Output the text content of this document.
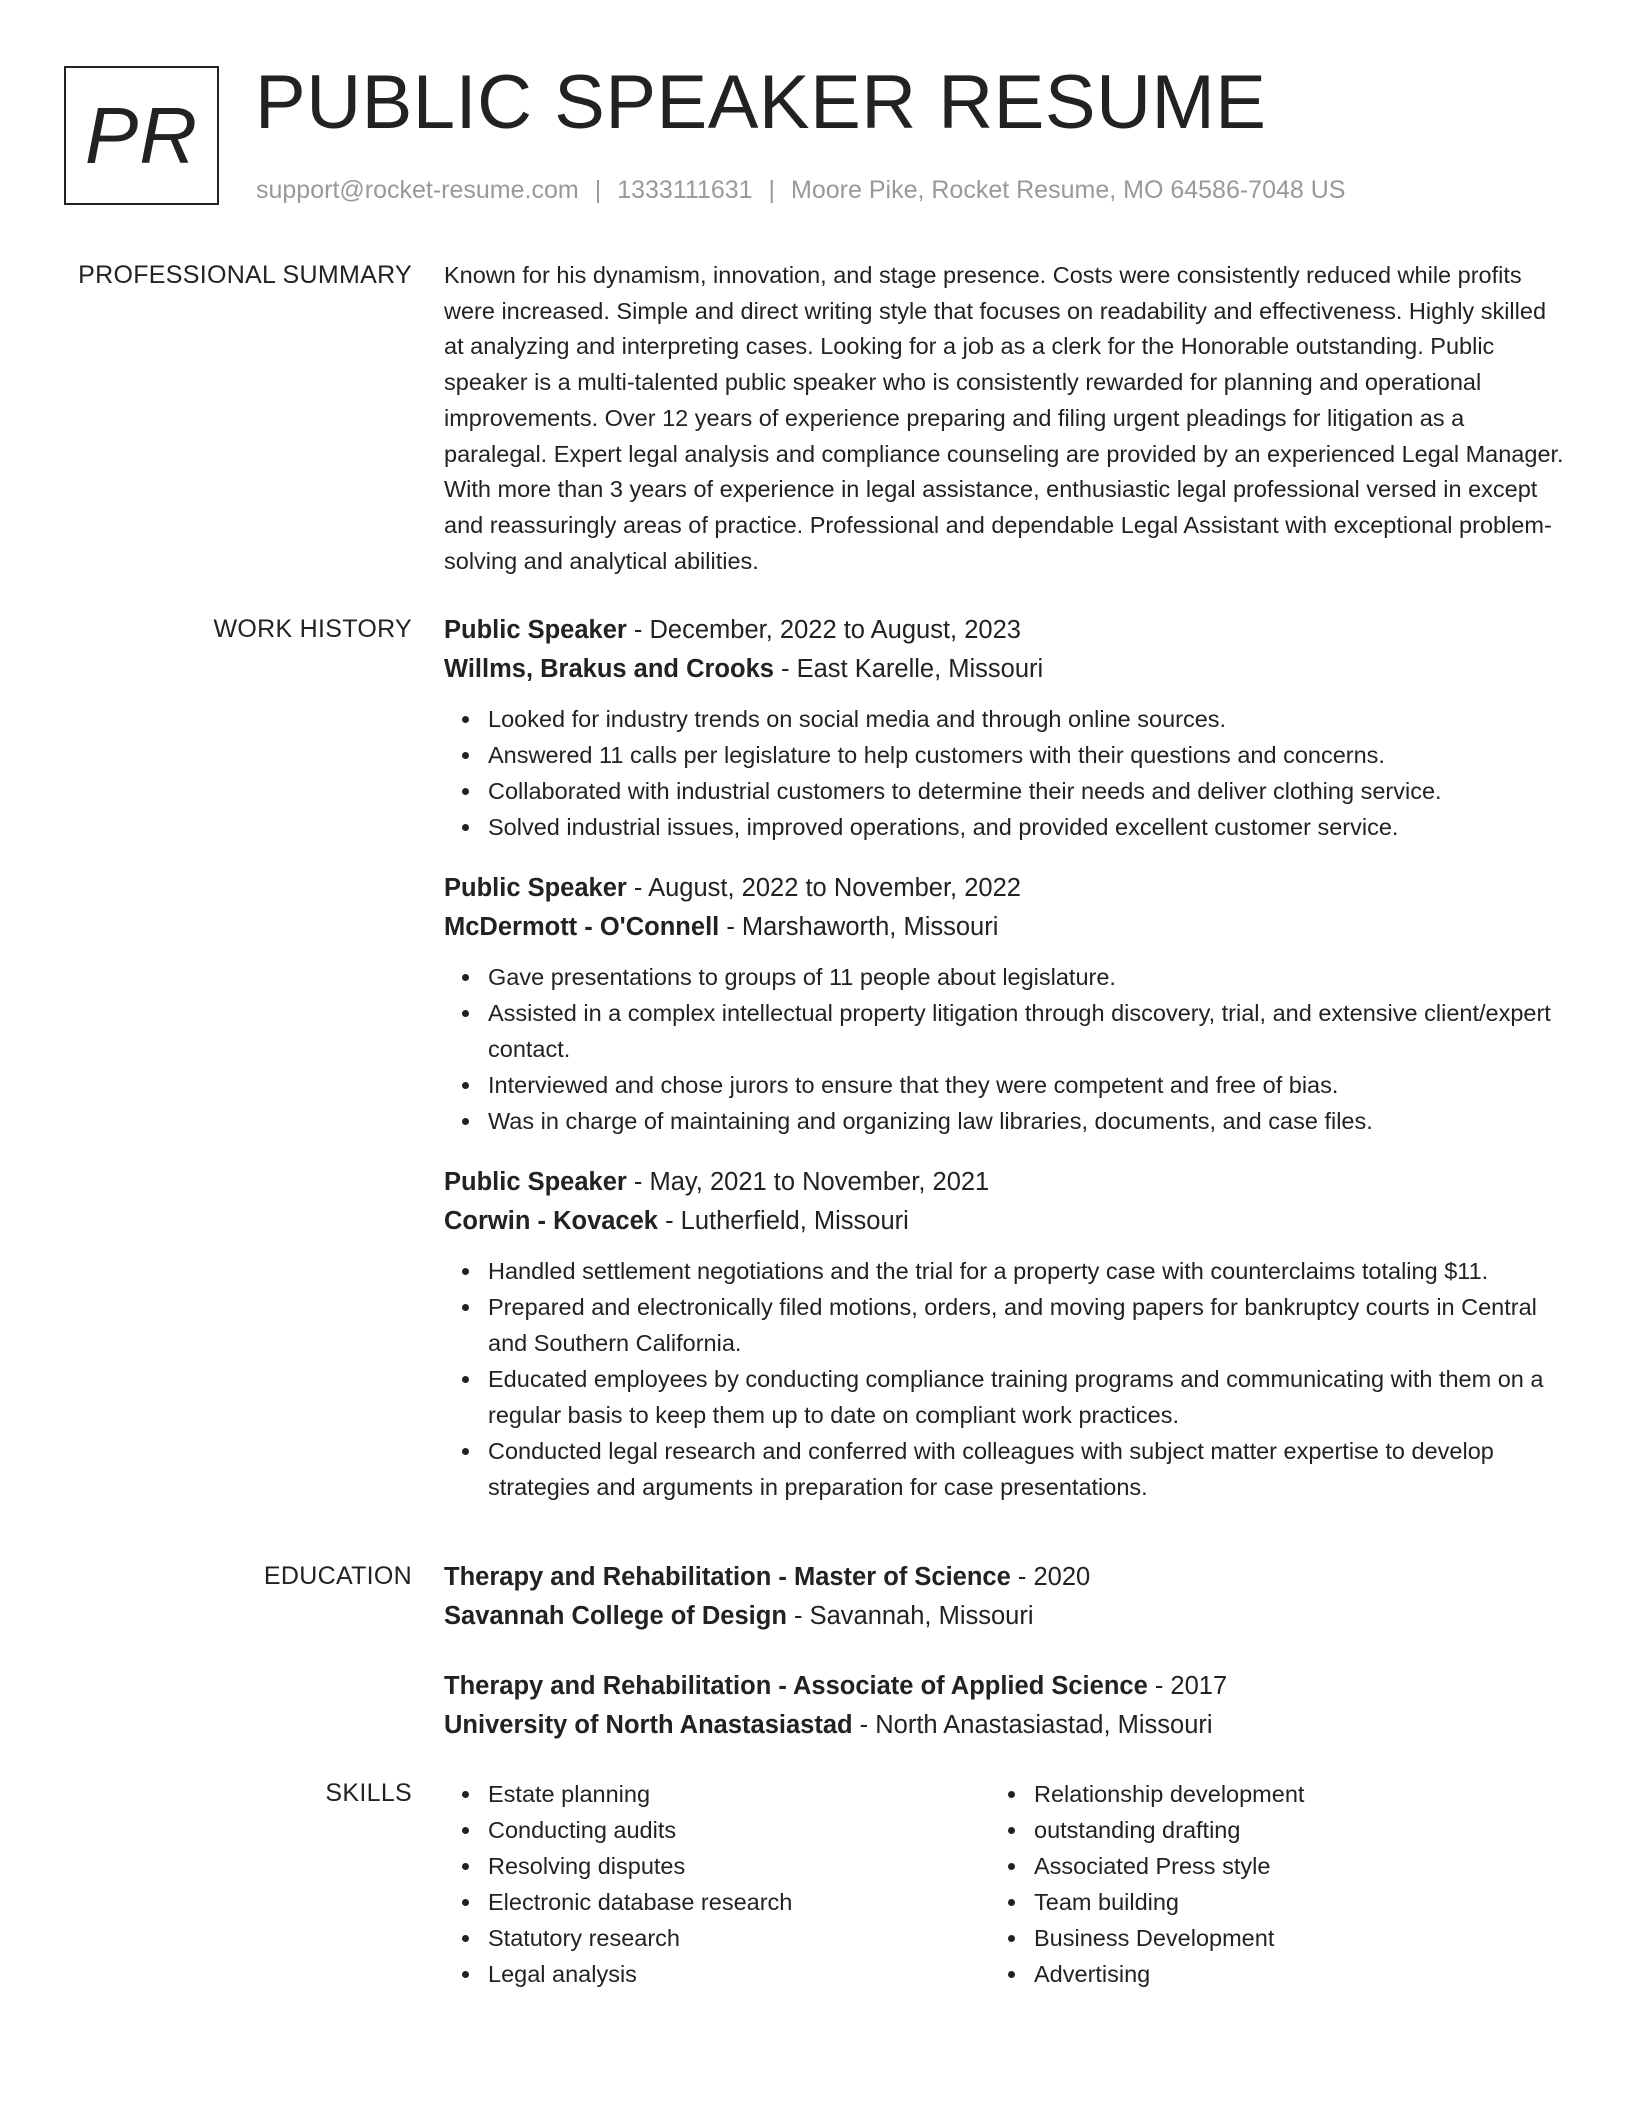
PR PUBLIC SPEAKER RESUME
support@rocket-resume.com | 1333111631 | Moore Pike, Rocket Resume, MO 64586-7048 US
PROFESSIONAL SUMMARY Known for his dynamism, innovation, and stage presence. Costs were consistently reduced while profits were increased. Simple and direct writing style that focuses on readability and effectiveness. Highly skilled at analyzing and interpreting cases. Looking for a job as a clerk for the Honorable outstanding. Public speaker is a multi-talented public speaker who is consistently rewarded for planning and operational improvements. Over 12 years of experience preparing and filing urgent pleadings for litigation as a paralegal. Expert legal analysis and compliance counseling are provided by an experienced Legal Manager. With more than 3 years of experience in legal assistance, enthusiastic legal professional versed in except and reassuringly areas of practice. Professional and dependable Legal Assistant with exceptional problem-solving and analytical abilities.

WORK HISTORY Public Speaker - December, 2022 to August, 2023
Willms, Brakus and Crooks - East Karelle, Missouri
Looked for industry trends on social media and through online sources.
Answered 11 calls per legislature to help customers with their questions and concerns.
Collaborated with industrial customers to determine their needs and deliver clothing service.
Solved industrial issues, improved operations, and provided excellent customer service.
Public Speaker - August, 2022 to November, 2022
McDermott - O'Connell - Marshaworth, Missouri
Gave presentations to groups of 11 people about legislature.
Assisted in a complex intellectual property litigation through discovery, trial, and extensive client/expert contact.
Interviewed and chose jurors to ensure that they were competent and free of bias.
Was in charge of maintaining and organizing law libraries, documents, and case files.
Public Speaker - May, 2021 to November, 2021
Corwin - Kovacek - Lutherfield, Missouri
Handled settlement negotiations and the trial for a property case with counterclaims totaling $11.
Prepared and electronically filed motions, orders, and moving papers for bankruptcy courts in Central and Southern California.
Educated employees by conducting compliance training programs and communicating with them on a regular basis to keep them up to date on compliant work practices.
Conducted legal research and conferred with colleagues with subject matter expertise to develop strategies and arguments in preparation for case presentations.
EDUCATION Therapy and Rehabilitation - Master of Science - 2020
Savannah College of Design - Savannah, Missouri
Therapy and Rehabilitation - Associate of Applied Science - 2017
University of North Anastasiastad - North Anastasiastad, Missouri
SKILLS	Estate planning
Conducting audits
Resolving disputes
Electronic database research
Statutory research
Legal analysis
Relationship development
outstanding drafting
Associated Press style
Team building
Business Development
Advertising
